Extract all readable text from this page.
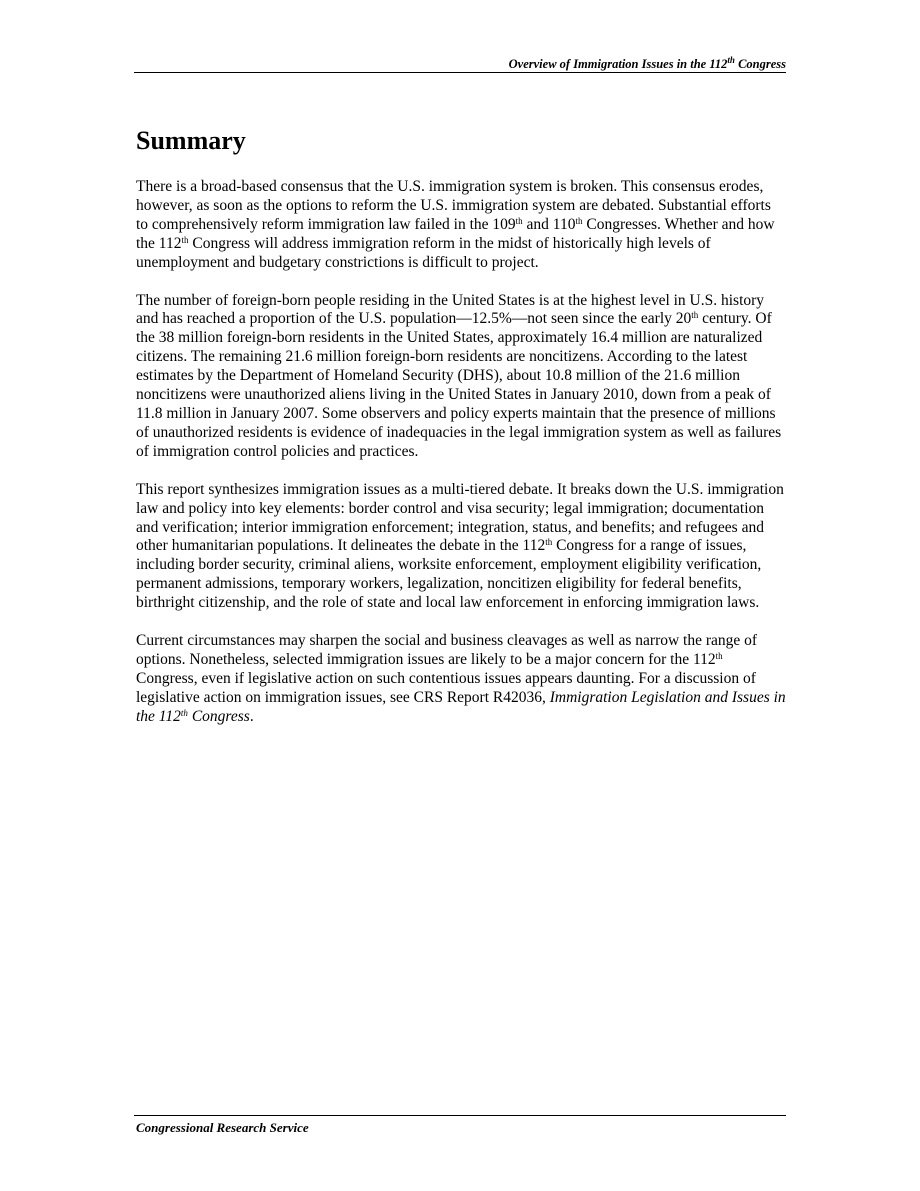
Overview of Immigration Issues in the 112th Congress
Summary

There is a broad-based consensus that the U.S. immigration system is broken. This consensus erodes, however, as soon as the options to reform the U.S. immigration system are debated. Substantial efforts to comprehensively reform immigration law failed in the 109th and 110th Congresses. Whether and how the 112th Congress will address immigration reform in the midst of historically high levels of unemployment and budgetary constrictions is difficult to project.

The number of foreign-born people residing in the United States is at the highest level in U.S. history and has reached a proportion of the U.S. population—12.5%—not seen since the early 20th century. Of the 38 million foreign-born residents in the United States, approximately 16.4 million are naturalized citizens. The remaining 21.6 million foreign-born residents are noncitizens. According to the latest estimates by the Department of Homeland Security (DHS), about 10.8 million of the 21.6 million noncitizens were unauthorized aliens living in the United States in January 2010, down from a peak of 11.8 million in January 2007. Some observers and policy experts maintain that the presence of millions of unauthorized residents is evidence of inadequacies in the legal immigration system as well as failures of immigration control policies and practices.

This report synthesizes immigration issues as a multi-tiered debate. It breaks down the U.S. immigration law and policy into key elements: border control and visa security; legal immigration; documentation and verification; interior immigration enforcement; integration, status, and benefits; and refugees and other humanitarian populations. It delineates the debate in the 112th Congress for a range of issues, including border security, criminal aliens, worksite enforcement, employment eligibility verification, permanent admissions, temporary workers, legalization, noncitizen eligibility for federal benefits, birthright citizenship, and the role of state and local law enforcement in enforcing immigration laws.

Current circumstances may sharpen the social and business cleavages as well as narrow the range of options. Nonetheless, selected immigration issues are likely to be a major concern for the 112th Congress, even if legislative action on such contentious issues appears daunting. For a discussion of legislative action on immigration issues, see CRS Report R42036, Immigration Legislation and Issues in the 112th Congress.

Congressional Research Service
